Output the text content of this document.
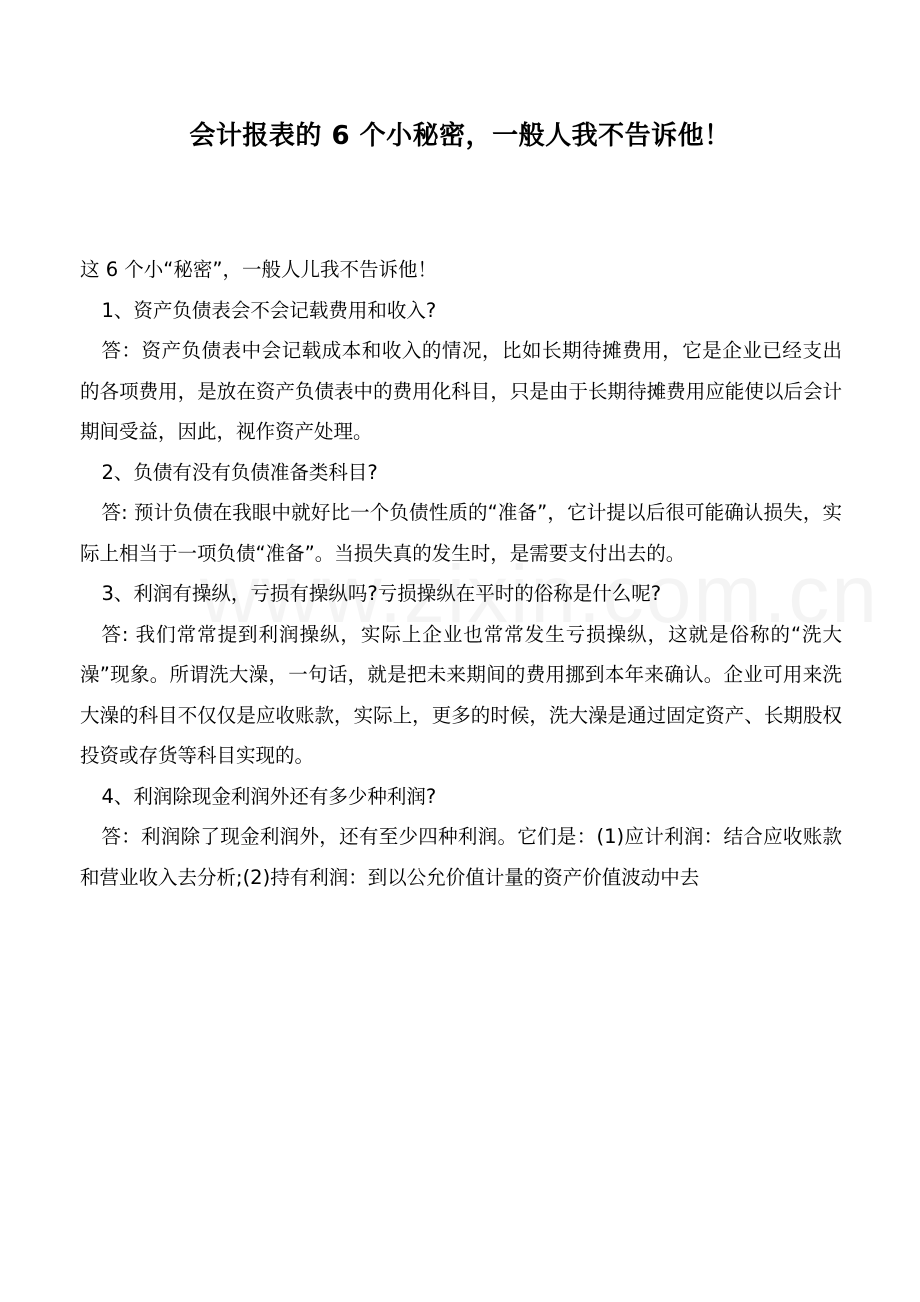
会计报表的 6 个小秘密，一般人我不告诉他！

这 6 个小“秘密”，一般人儿我不告诉他！

1、资产负债表会不会记载费用和收入?

答：资产负债表中会记载成本和收入的情况，比如长期待摊费用，它是企业已经支出的各项费用，是放在资产负债表中的费用化科目，只是由于长期待摊费用应能使以后会计期间受益，因此，视作资产处理。

2、负债有没有负债准备类科目?

答: 预计负债在我眼中就好比一个负债性质的“准备”，它计提以后很可能确认损失，实际上相当于一项负债“准备”。当损失真的发生时，是需要支付出去的。

3、利润有操纵，亏损有操纵吗?亏损操纵在平时的俗称是什么呢?

答: 我们常常提到利润操纵，实际上企业也常常发生亏损操纵，这就是俗称的“洗大澡”现象。所谓洗大澡，一句话，就是把未来期间的费用挪到本年来确认。企业可用来洗大澡的科目不仅仅是应收账款，实际上，更多的时候，洗大澡是通过固定资产、长期股权投资或存货等科目实现的。

4、利润除现金利润外还有多少种利润?

答：利润除了现金利润外，还有至少四种利润。它们是：(1)应计利润：结合应收账款和营业收入去分析;(2)持有利润：到以公允价值计量的资产价值波动中去
